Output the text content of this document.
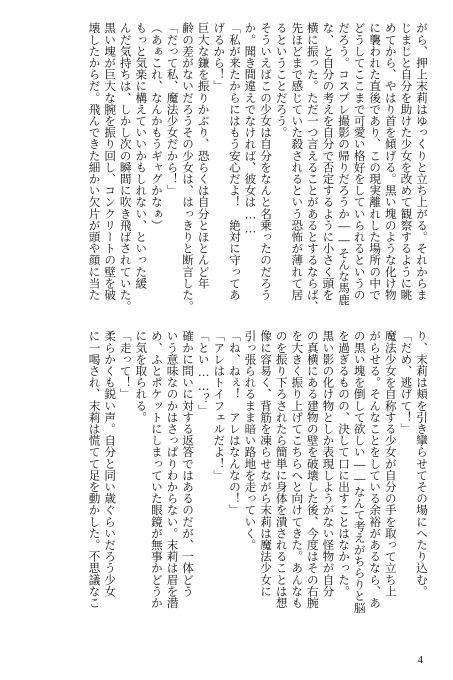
がら、押上末莉はゆっくりと立ち上がる。それからま
じまじと自分を助けた少女を改めて観察するように眺
めてから、やはり首を傾げる。黒い塊のような化け物
に襲われた直後であり、この現実離れした場所の中で
どうしてここまで可愛い格好をしていられるというの
だろう。コスプレ撮影の帰りだろうか――そんな馬鹿
な、と自分の考えを自分で否定するように小さく頭を
横に振った。ただ一つ言えることがあるとするならば、
先ほどまで感じていた殺されるという恐怖が薄れて居
るということだろう。
そういえばこの少女は自分をなんと名乗ったのだろう
か。聞き間違えでなければ、彼女は……
「私が来たからにはもう安心だよ！　絶対に守ってあ
げるから！」
巨大な鎌を振りかぶり、恐らくは自分とほとんど年
齢の差がないだろうその少女は、はっきりと断言した。
「だって私、魔法少女だから！」
（あぁこれ、なんかもうギャグかなぁ）
もっと気楽に構えていいかもしれない、といった緩
んだ気持ちは、しかし次の瞬間に吹き飛ばされていた。
黒い塊が巨大な腕を振り回し、コンクリートの壁を破
壊したからだ。飛んできた細かい欠片が頭や顔に当た
り、末莉は頬を引き攣らせてその場にへたり込む。
「だめ、逃げて！」
魔法少女を自称する少女が自分の手を取って立ち上
がらせる。そんなことをしている余裕があるなら、あ
の黒い塊を倒して欲しい――なんて考えがちらりと脳
を過ぎるものの、決して口に出すことはなかった。
黒い影の化け物としか表現しようがない怪物が自分
の真横にある建物の壁を破壊した後、今度はその右腕
を大きく振り上げてこちらへと向けてきた。あんなも
のを振り下ろされたら簡単に身体を潰されることは想
像に容易く、背筋を凍らせながら末莉は魔法少女に
引っ張られるまま暗い路地を走っていく。
「ね、ねぇ！　アレはなんなの！」
「アレはトイフェルだよ！」
「とい……？」
確かに問いに対する返答ではあるのだが、一体どう
いう意味なのかはさっぱりわからない。末莉は眉を潜
め、ふとポケットにしまっていた眼鏡が無事かどうか
に気を取られる。
「走って！」
柔らかくも鋭い声。自分と同い歳ぐらいだろう少女
に一喝され、末莉は慌てて足を動かした。不思議なこ
4
